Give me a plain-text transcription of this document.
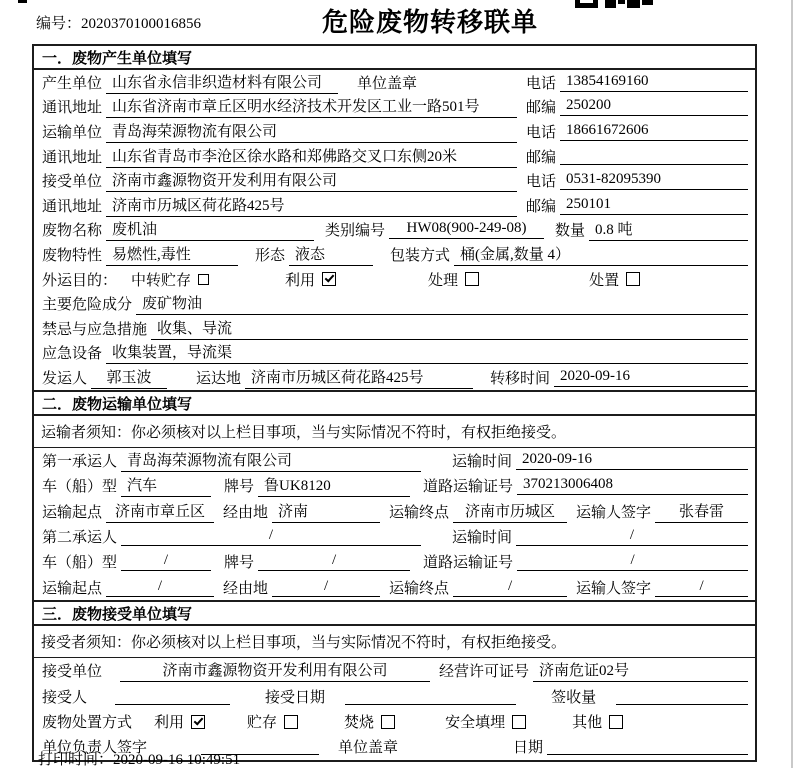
编号：2020370100016856	危险废物转移联单
一．废物产生单位填写
产生单位 山东省永信非织造材料有限公司	单位盖章	电话 13854169160
通讯地址 山东省济南市章丘区明水经济技术开发区工业一路501号	邮编 250200
运输单位 青岛海荣源物流有限公司	电话 18661672606
通讯地址 山东省青岛市李沧区徐水路和郑佛路交叉口东侧20米	邮编
接受单位 济南市鑫源物资开发利用有限公司	电话 0531-82095390
通讯地址 济南市历城区荷花路425号	邮编 250101
废物名称 废机油	类别编号	HW08(900-249-08)	数量 0.8 吨
废物特性 易燃性,毒性	形态 液态	包装方式 桶(金属,数量 4）
外运目的： 中转贮存	利用	处理	处置
主要危险成分 废矿物油
禁忌与应急措施 收集、导流
应急设备 收集装置，导流渠
发运人	郭玉波	运达地 济南市历城区荷花路425号	转移时间 2020-09-16
二．废物运输单位填写
运输者须知：你必须核对以上栏目事项，当与实际情况不符时，有权拒绝接受。
第一承运人 青岛海荣源物流有限公司	运输时间 2020-09-16
车（船）型 汽车	牌号 鲁UK8120	道路运输证号 370213006408
运输起点 济南市章丘区	经由地 济南	运输终点	济南市历城区	运输人签字	张春雷
第二承运人	/	运输时间	/
车（船）型	/	牌号	/	道路运输证号	/
运输起点	/	经由地	/	运输终点	/	运输人签字	/
三．废物接受单位填写
接受者须知：你必须核对以上栏目事项，当与实际情况不符时，有权拒绝接受。
接受单位	济南市鑫源物资开发利用有限公司	经营许可证号 济南危证02号
接受人	接受日期	签收量
废物处置方式 利用	贮存	焚烧	安全填埋	其他
单位负责人签字	单位盖章	日期
打印时间：2020-09-16 10:49:51
